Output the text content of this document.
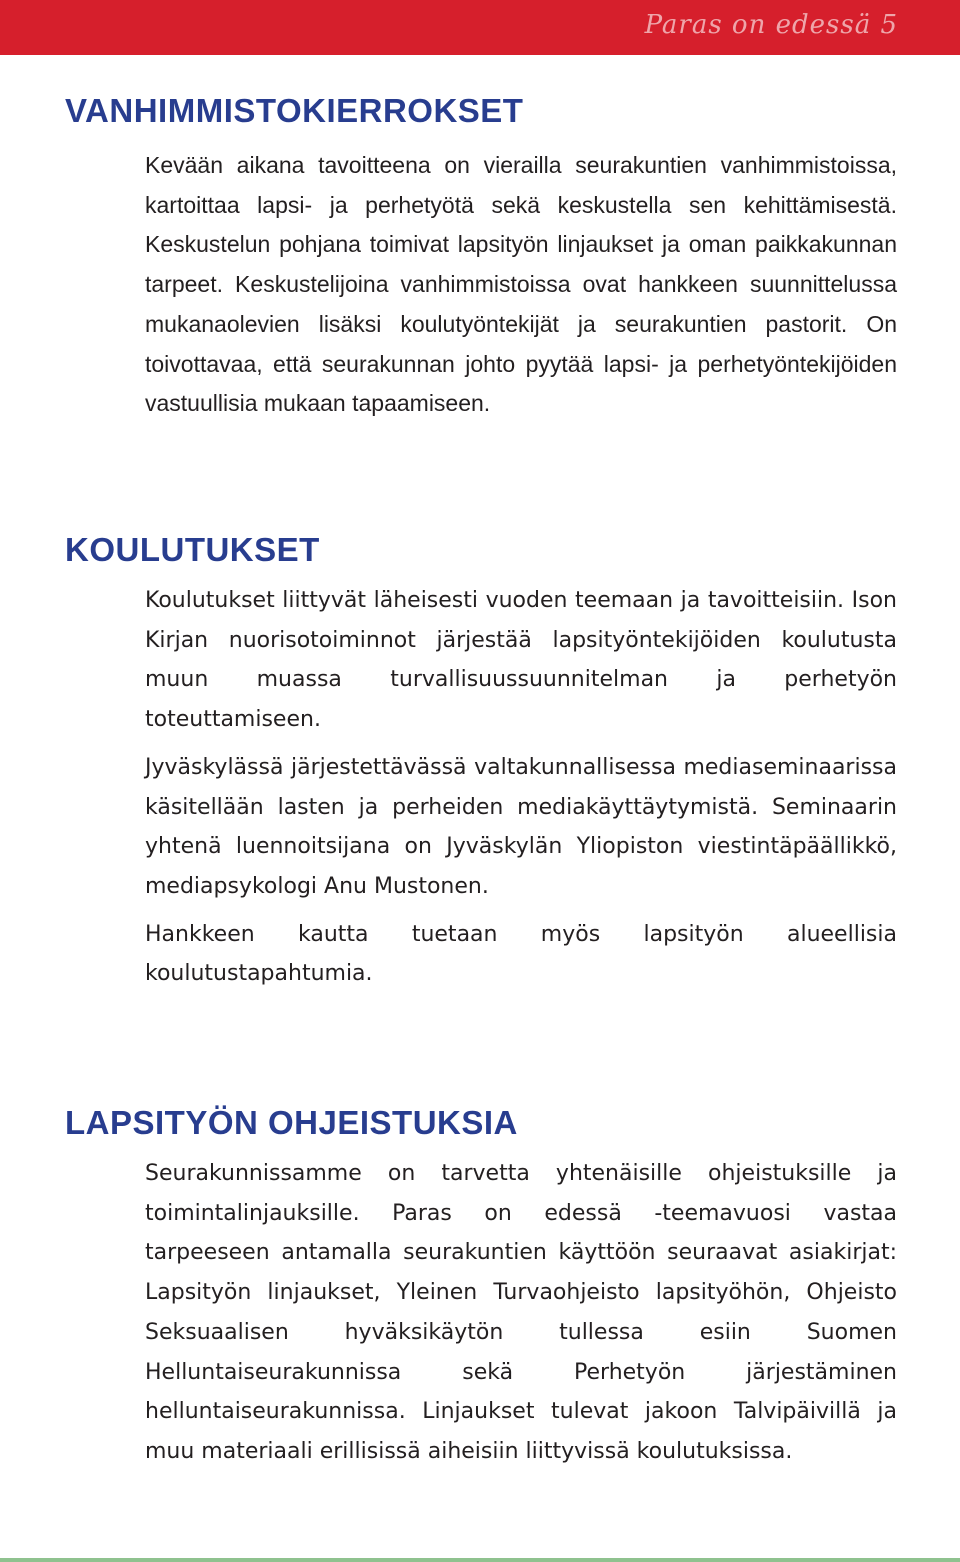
Paras on edessä 5
VANHIMMISTOKIERROKSET

Kevään aikana tavoitteena on vierailla seurakuntien vanhimmistoissa, kartoittaa lapsi- ja perhetyötä sekä keskustella sen kehittämisestä. Keskustelun pohjana toimivat lapsityön linjaukset ja oman paikkakunnan tarpeet. Keskustelijoina vanhimmistoissa ovat hankkeen suunnittelussa mukanaolevien lisäksi koulutyöntekijät ja seurakuntien pastorit. On toivottavaa, että seurakunnan johto pyytää lapsi- ja perhetyöntekijöiden vastuullisia mukaan tapaamiseen.

KOULUTUKSET

Koulutukset liittyvät läheisesti vuoden teemaan ja tavoitteisiin. Ison Kirjan nuorisotoiminnot järjestää lapsityöntekijöiden koulutusta muun muassa turvallisuussuunnitelman ja perhetyön toteuttamiseen.

Jyväskylässä järjestettävässä valtakunnallisessa mediaseminaarissa käsitellään lasten ja perheiden mediakäyttäytymistä. Seminaarin yhtenä luennoitsijana on Jyväskylän Yliopiston viestintäpäällikkö, mediapsykologi Anu Mustonen.

Hankkeen kautta tuetaan myös lapsityön alueellisia koulutustapahtumia.

LAPSITYÖN OHJEISTUKSIA

Seurakunnissamme on tarvetta yhtenäisille ohjeistuksille ja toimintalinjauksille. Paras on edessä -teemavuosi vastaa tarpeeseen antamalla seurakuntien käyttöön seuraavat asiakirjat: Lapsityön linjaukset, Yleinen Turvaohjeisto lapsityöhön, Ohjeisto Seksuaalisen hyväksikäytön tullessa esiin Suomen Helluntaiseurakunnissa sekä Perhetyön järjestäminen helluntaiseurakunnissa. Linjaukset tulevat jakoon Talvipäivillä ja muu materiaali erillisissä aiheisiin liittyvissä koulutuksissa.
